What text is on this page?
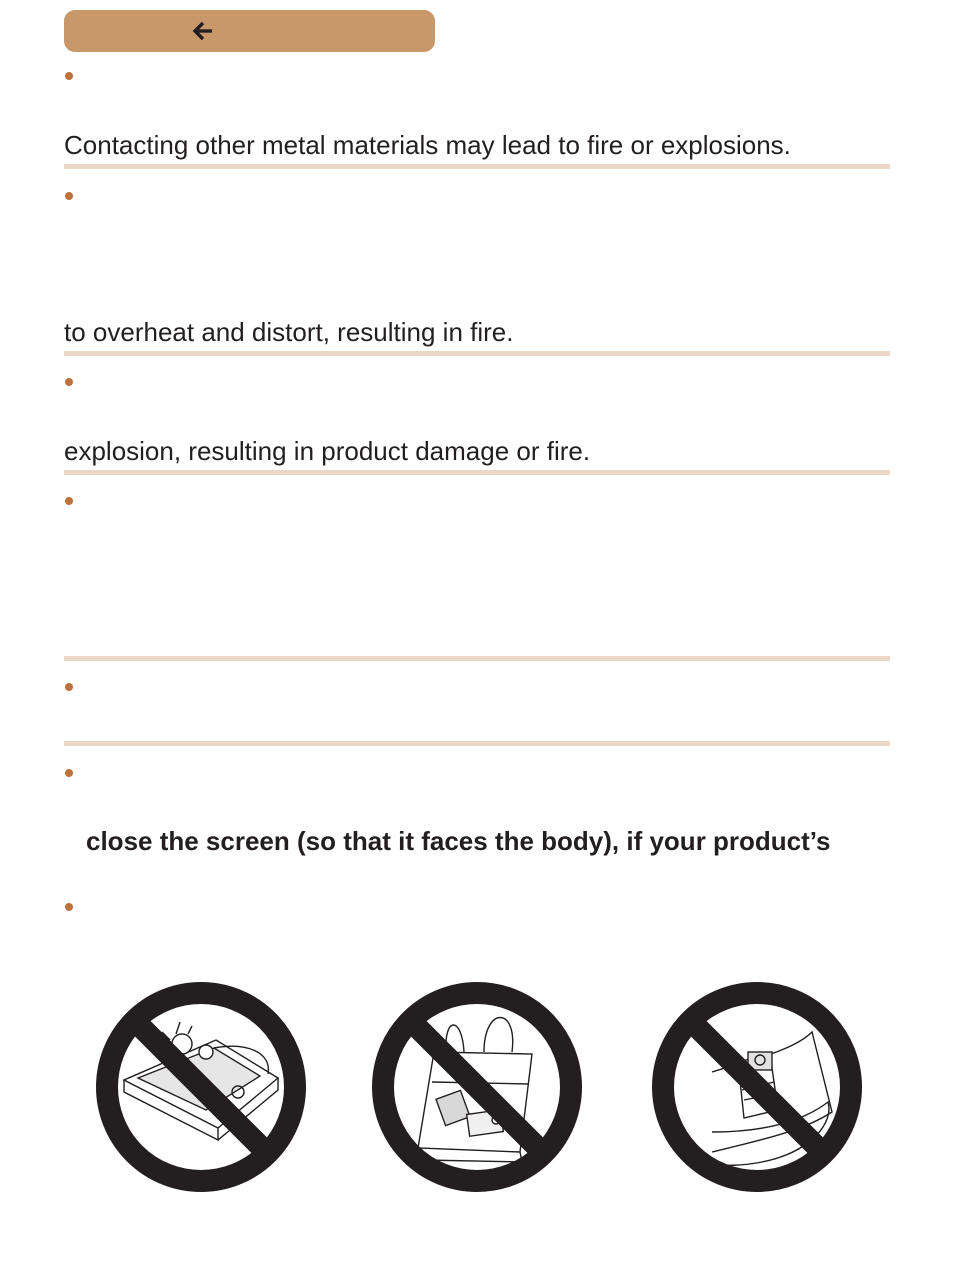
Contacting other metal materials may lead to fire or explosions.
to overheat and distort, resulting in fire.
explosion, resulting in product damage or fire.
close the screen (so that it faces the body), if your product’s
